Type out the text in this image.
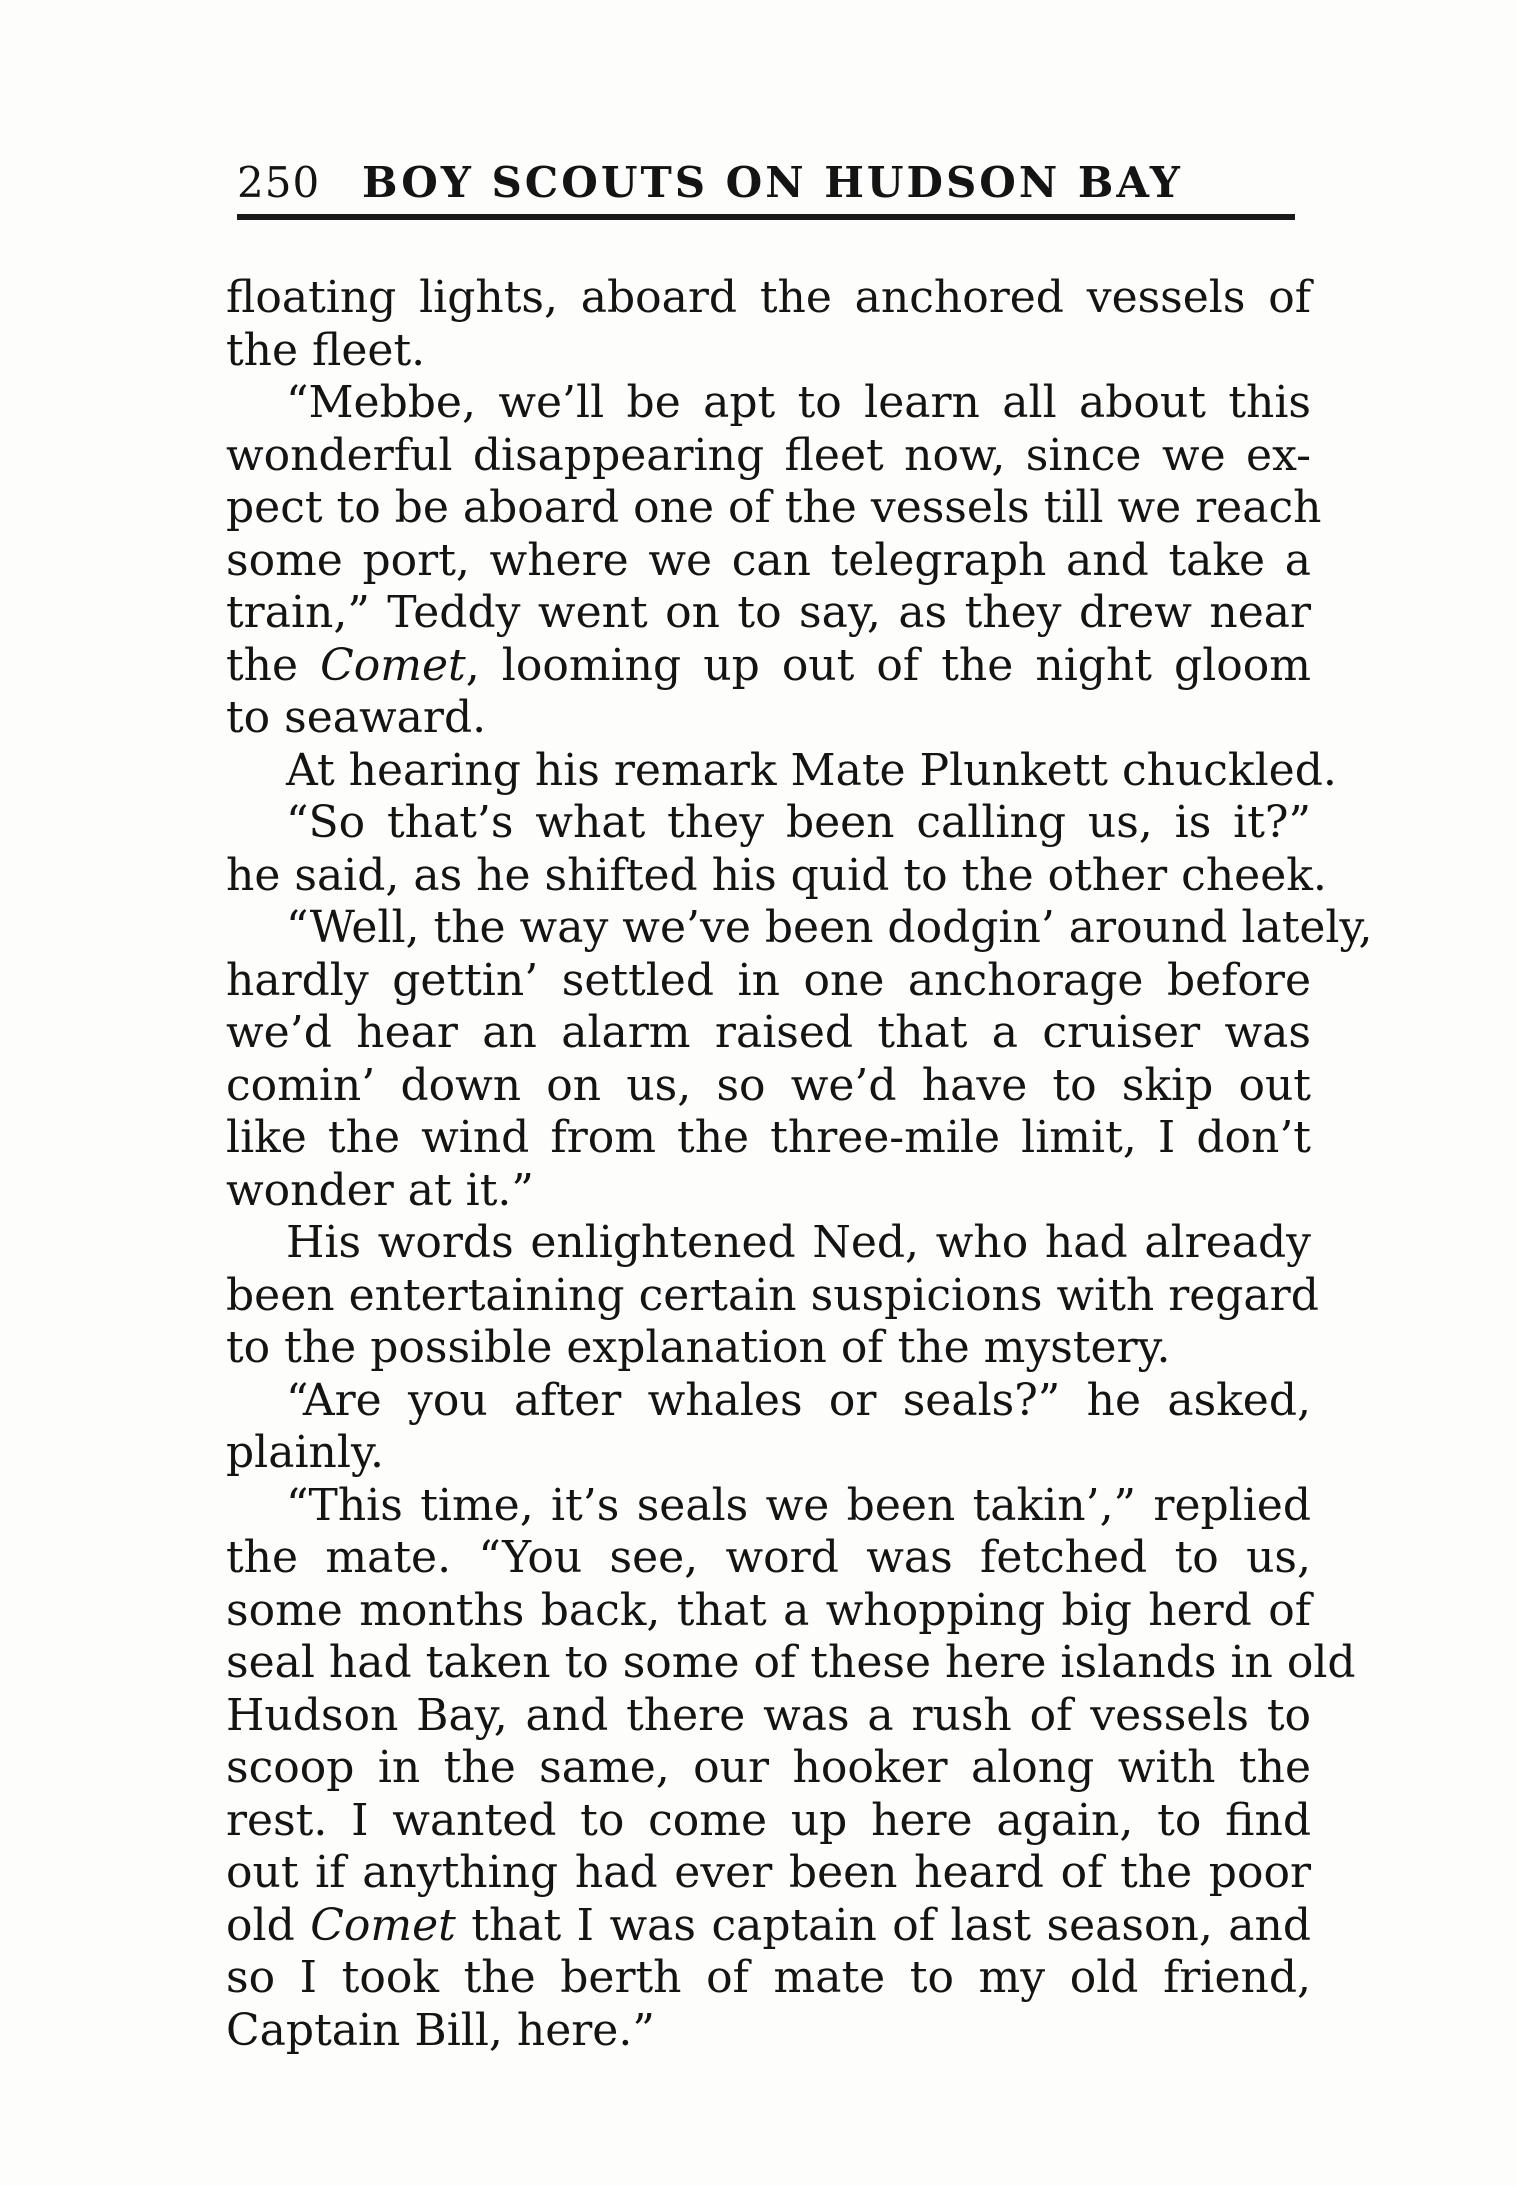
250 BOY SCOUTS ON HUDSON BAY
floating lights, aboard the anchored vessels of
the fleet.
“Mebbe, we’ll be apt to learn all about this
wonderful disappearing fleet now, since we ex-
pect to be aboard one of the vessels till we reach
some port, where we can telegraph and take a
train,” Teddy went on to say, as they drew near
the Comet, looming up out of the night gloom
to seaward.
At hearing his remark Mate Plunkett chuckled.
“So that’s what they been calling us, is it?”
he said, as he shifted his quid to the other cheek.
“Well, the way we’ve been dodgin’ around lately,
hardly gettin’ settled in one anchorage before
we’d hear an alarm raised that a cruiser was
comin’ down on us, so we’d have to skip out
like the wind from the three-mile limit, I don’t
wonder at it.”
His words enlightened Ned, who had already
been entertaining certain suspicions with regard
to the possible explanation of the mystery.
“Are you after whales or seals?” he asked,
plainly.
“This time, it’s seals we been takin’,” replied
the mate. “You see, word was fetched to us,
some months back, that a whopping big herd of
seal had taken to some of these here islands in old
Hudson Bay, and there was a rush of vessels to
scoop in the same, our hooker along with the
rest. I wanted to come up here again, to find
out if anything had ever been heard of the poor
old Comet that I was captain of last season, and
so I took the berth of mate to my old friend,
Captain Bill, here.”
